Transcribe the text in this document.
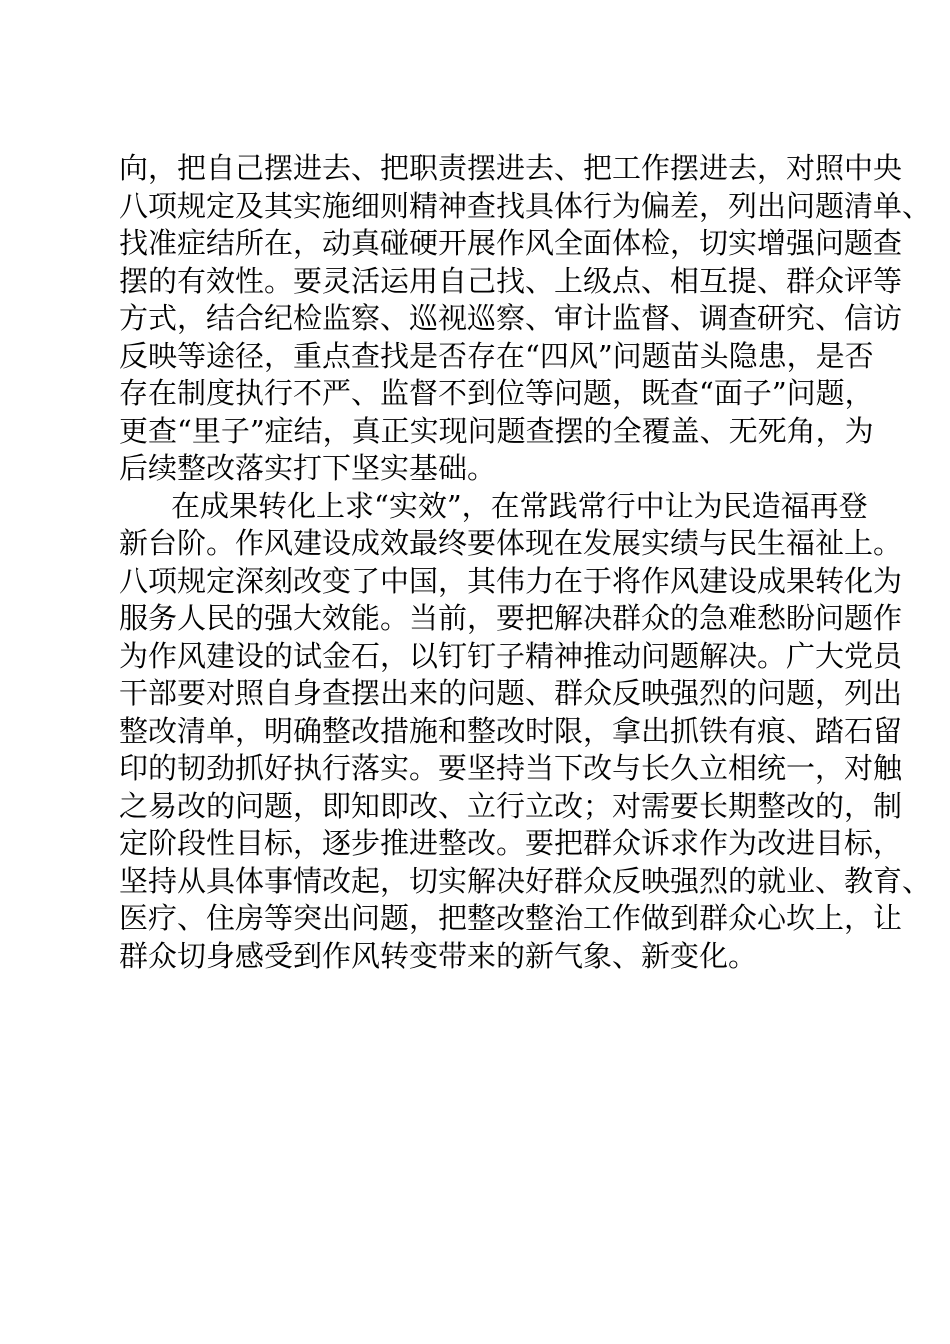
向，把自己摆进去、把职责摆进去、把工作摆进去，对照中央
八项规定及其实施细则精神查找具体行为偏差，列出问题清单、
找准症结所在，动真碰硬开展作风全面体检，切实增强问题查
摆的有效性。要灵活运用自己找、上级点、相互提、群众评等
方式，结合纪检监察、巡视巡察、审计监督、调查研究、信访
反映等途径，重点查找是否存在“四风”问题苗头隐患，是否
存在制度执行不严、监督不到位等问题，既查“面子”问题，
更查“里子”症结，真正实现问题查摆的全覆盖、无死角，为
后续整改落实打下坚实基础。
在成果转化上求“实效”，在常践常行中让为民造福再登
新台阶。作风建设成效最终要体现在发展实绩与民生福祉上。
八项规定深刻改变了中国，其伟力在于将作风建设成果转化为
服务人民的强大效能。当前，要把解决群众的急难愁盼问题作
为作风建设的试金石，以钉钉子精神推动问题解决。广大党员
干部要对照自身查摆出来的问题、群众反映强烈的问题，列出
整改清单，明确整改措施和整改时限，拿出抓铁有痕、踏石留
印的韧劲抓好执行落实。要坚持当下改与长久立相统一，对触
之易改的问题，即知即改、立行立改；对需要长期整改的，制
定阶段性目标，逐步推进整改。要把群众诉求作为改进目标，
坚持从具体事情改起，切实解决好群众反映强烈的就业、教育、
医疗、住房等突出问题，把整改整治工作做到群众心坎上，让
群众切身感受到作风转变带来的新气象、新变化。
